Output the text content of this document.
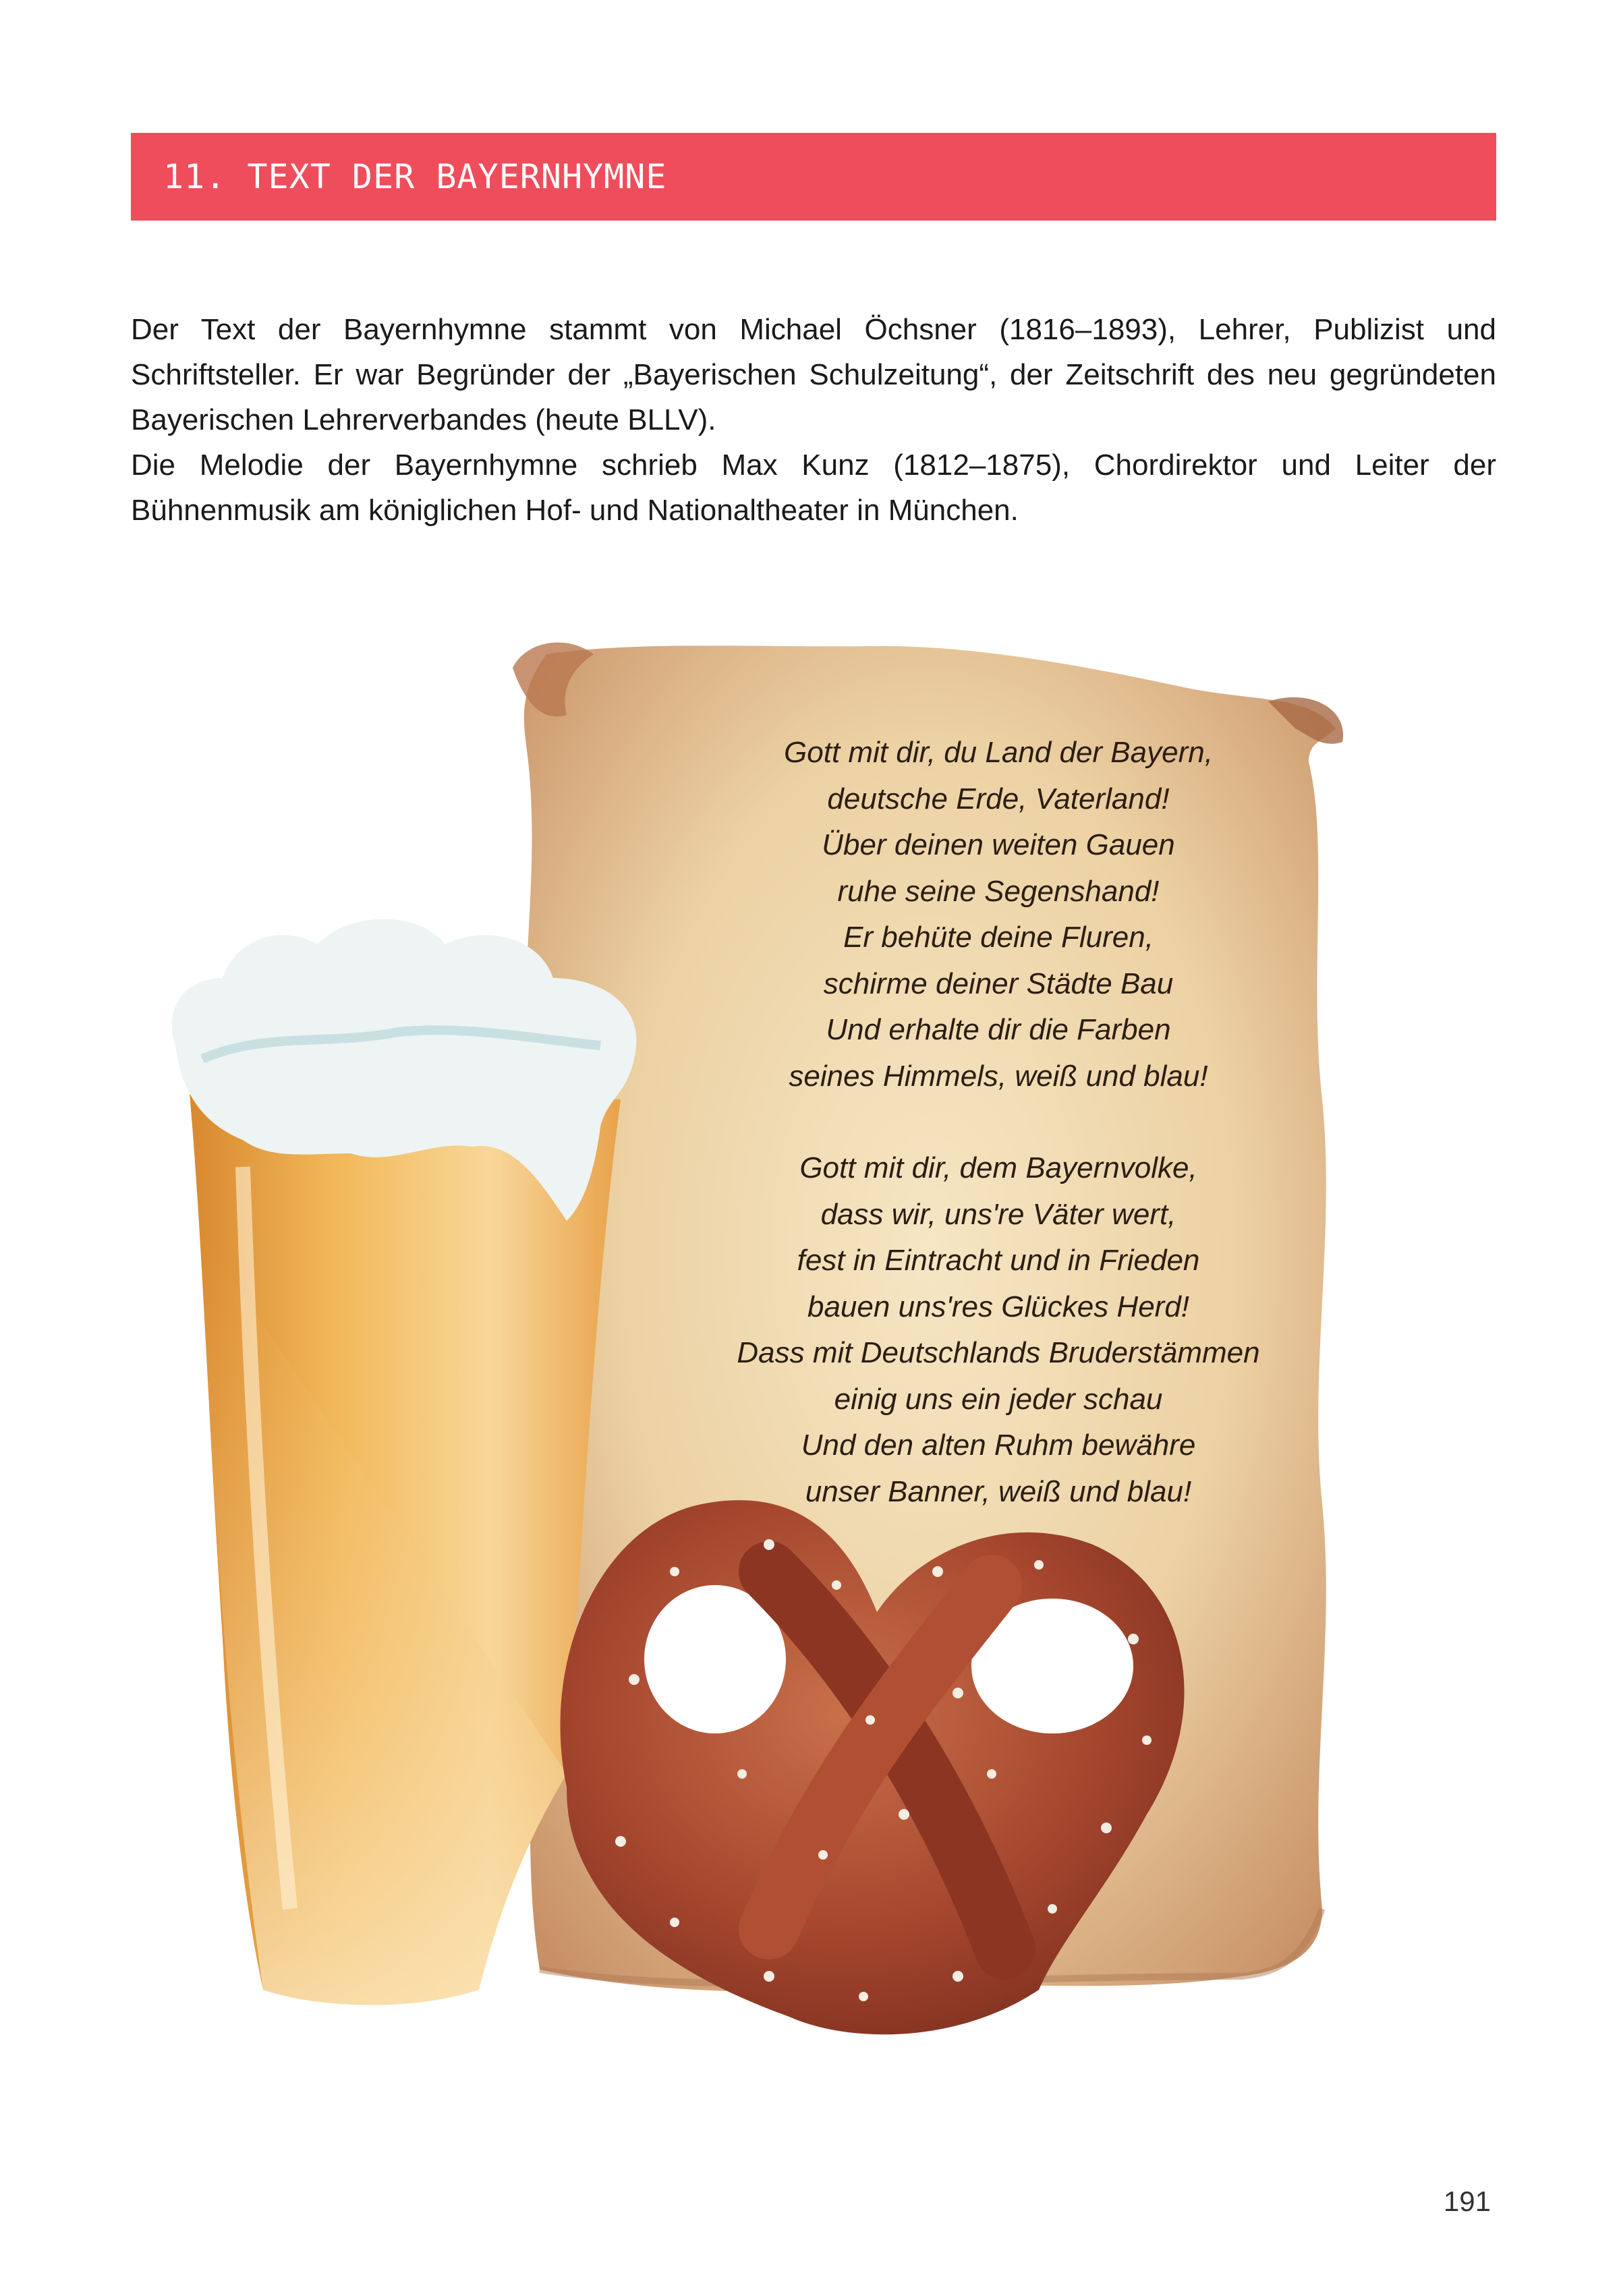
11. TEXT DER BAYERNHYMNE

Der Text der Bayernhymne stammt von Michael Öchsner (1816–1893), Lehrer, Publizist und Schriftsteller. Er war Begründer der „Bayerischen Schulzeitung“, der Zeitschrift des neu gegründeten Bayerischen Lehrerverbandes (heute BLLV).

Die Melodie der Bayernhymne schrieb Max Kunz (1812–1875), Chordirektor und Leiter der Bühnenmusik am königlichen Hof- und Nationaltheater in München.

Gott mit dir, du Land der Bayern,
deutsche Erde, Vaterland!
Über deinen weiten Gauen
ruhe seine Segenshand!
Er behüte deine Fluren,
schirme deiner Städte Bau
Und erhalte dir die Farben
seines Himmels, weiß und blau!
Gott mit dir, dem Bayernvolke,
dass wir, uns're Väter wert,
fest in Eintracht und in Frieden
bauen uns'res Glückes Herd!
Dass mit Deutschlands Bruderstämmen
einig uns ein jeder schau
Und den alten Ruhm bewähre
unser Banner, weiß und blau!
191
